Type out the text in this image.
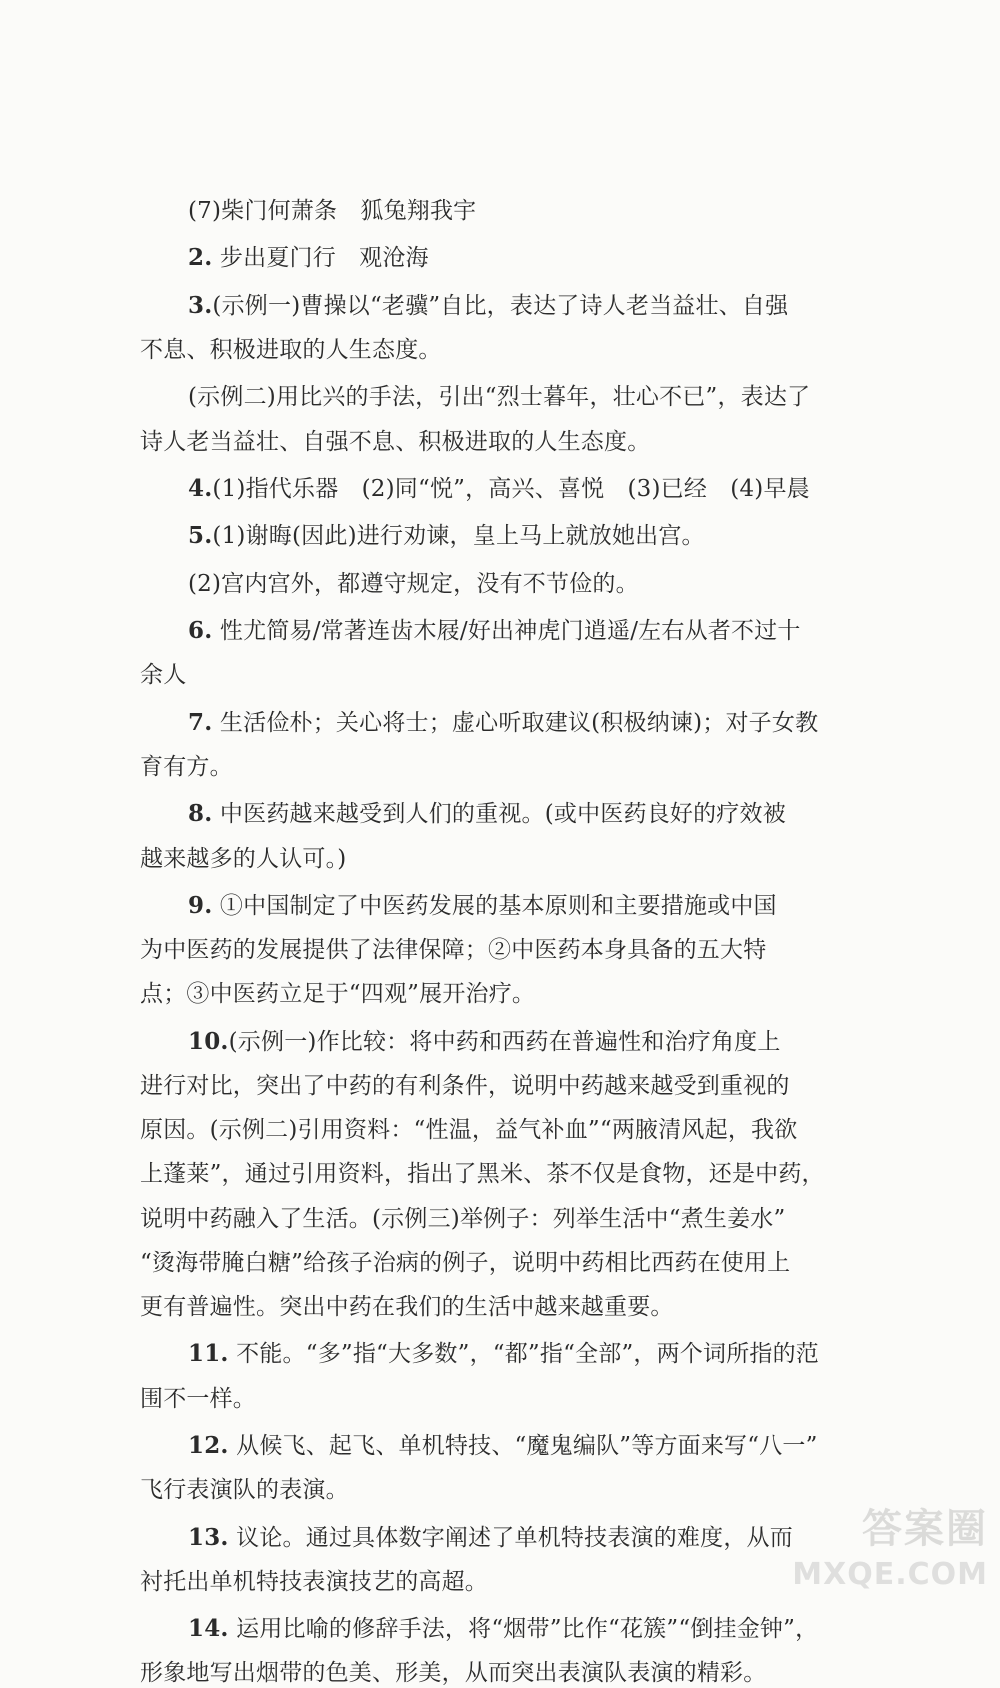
(7)柴门何萧条　狐兔翔我宇
2. 步出夏门行　观沧海
3.(示例一)曹操以“老骥”自比，表达了诗人老当益壮、自强
不息、积极进取的人生态度。
(示例二)用比兴的手法，引出“烈士暮年，壮心不已”，表达了
诗人老当益壮、自强不息、积极进取的人生态度。
4.(1)指代乐器　(2)同“悦”，高兴、喜悦　(3)已经　(4)早晨
5.(1)谢晦(因此)进行劝谏，皇上马上就放她出宫。
(2)宫内宫外，都遵守规定，没有不节俭的。
6. 性尤简易/常著连齿木屐/好出神虎门逍遥/左右从者不过十
余人
7. 生活俭朴；关心将士；虚心听取建议(积极纳谏)；对子女教
育有方。
8. 中医药越来越受到人们的重视。(或中医药良好的疗效被
越来越多的人认可。)
9. ①中国制定了中医药发展的基本原则和主要措施或中国
为中医药的发展提供了法律保障；②中医药本身具备的五大特
点；③中医药立足于“四观”展开治疗。
10.(示例一)作比较：将中药和西药在普遍性和治疗角度上
进行对比，突出了中药的有利条件，说明中药越来越受到重视的
原因。(示例二)引用资料：“性温，益气补血”“两腋清风起，我欲
上蓬莱”，通过引用资料，指出了黑米、茶不仅是食物，还是中药，
说明中药融入了生活。(示例三)举例子：列举生活中“煮生姜水”
“烫海带腌白糖”给孩子治病的例子，说明中药相比西药在使用上
更有普遍性。突出中药在我们的生活中越来越重要。
11. 不能。“多”指“大多数”，“都”指“全部”，两个词所指的范
围不一样。
12. 从候飞、起飞、单机特技、“魔鬼编队”等方面来写“八一”
飞行表演队的表演。
13. 议论。通过具体数字阐述了单机特技表演的难度，从而
衬托出单机特技表演技艺的高超。
14. 运用比喻的修辞手法，将“烟带”比作“花簇”“倒挂金钟”，
形象地写出烟带的色美、形美，从而突出表演队表演的精彩。
答案圈
MXQE.COM
